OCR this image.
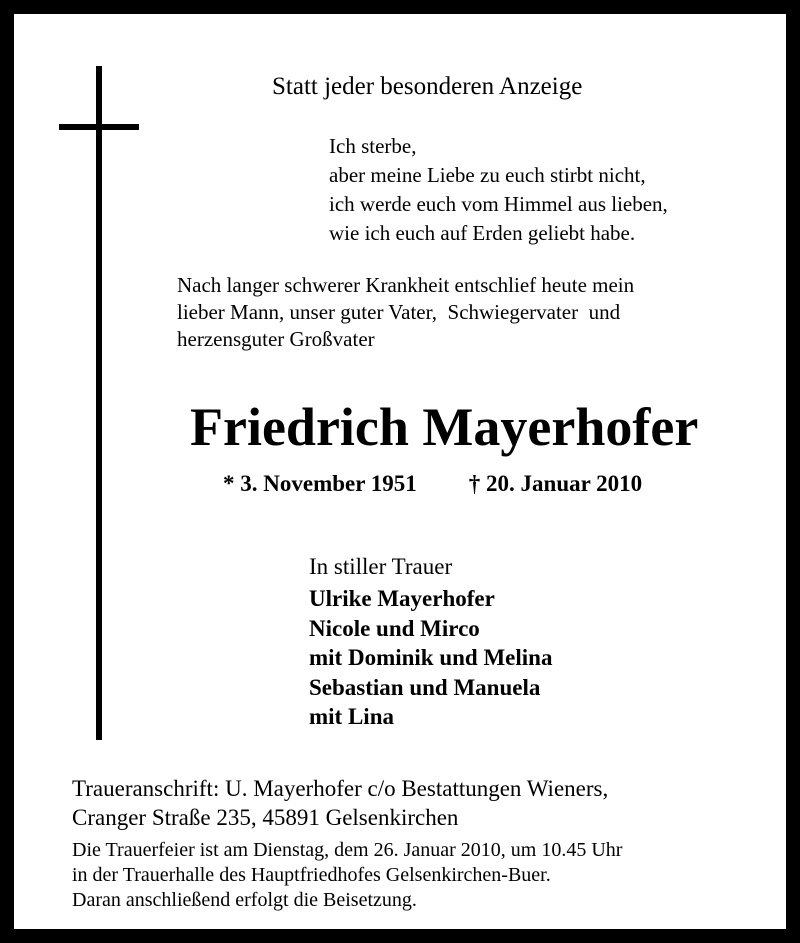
Statt jeder besonderen Anzeige
Ich sterbe,
aber meine Liebe zu euch stirbt nicht,
ich werde euch vom Himmel aus lieben,
wie ich euch auf Erden geliebt habe.
Nach langer schwerer Krankheit entschlief heute mein
lieber Mann, unser guter Vater,  Schwiegervater  und
herzensguter Großvater
Friedrich Mayerhofer
* 3. November 1951 † 20. Januar 2010
In stiller Trauer
Ulrike Mayerhofer
Nicole und Mirco
mit Dominik und Melina
Sebastian und Manuela
mit Lina
Traueranschrift: U. Mayerhofer c/o Bestattungen Wieners,
Cranger Straße 235, 45891 Gelsenkirchen
Die Trauerfeier ist am Dienstag, dem 26. Januar 2010, um 10.45 Uhr
in der Trauerhalle des Hauptfriedhofes Gelsenkirchen-Buer.
Daran anschließend erfolgt die Beisetzung.
